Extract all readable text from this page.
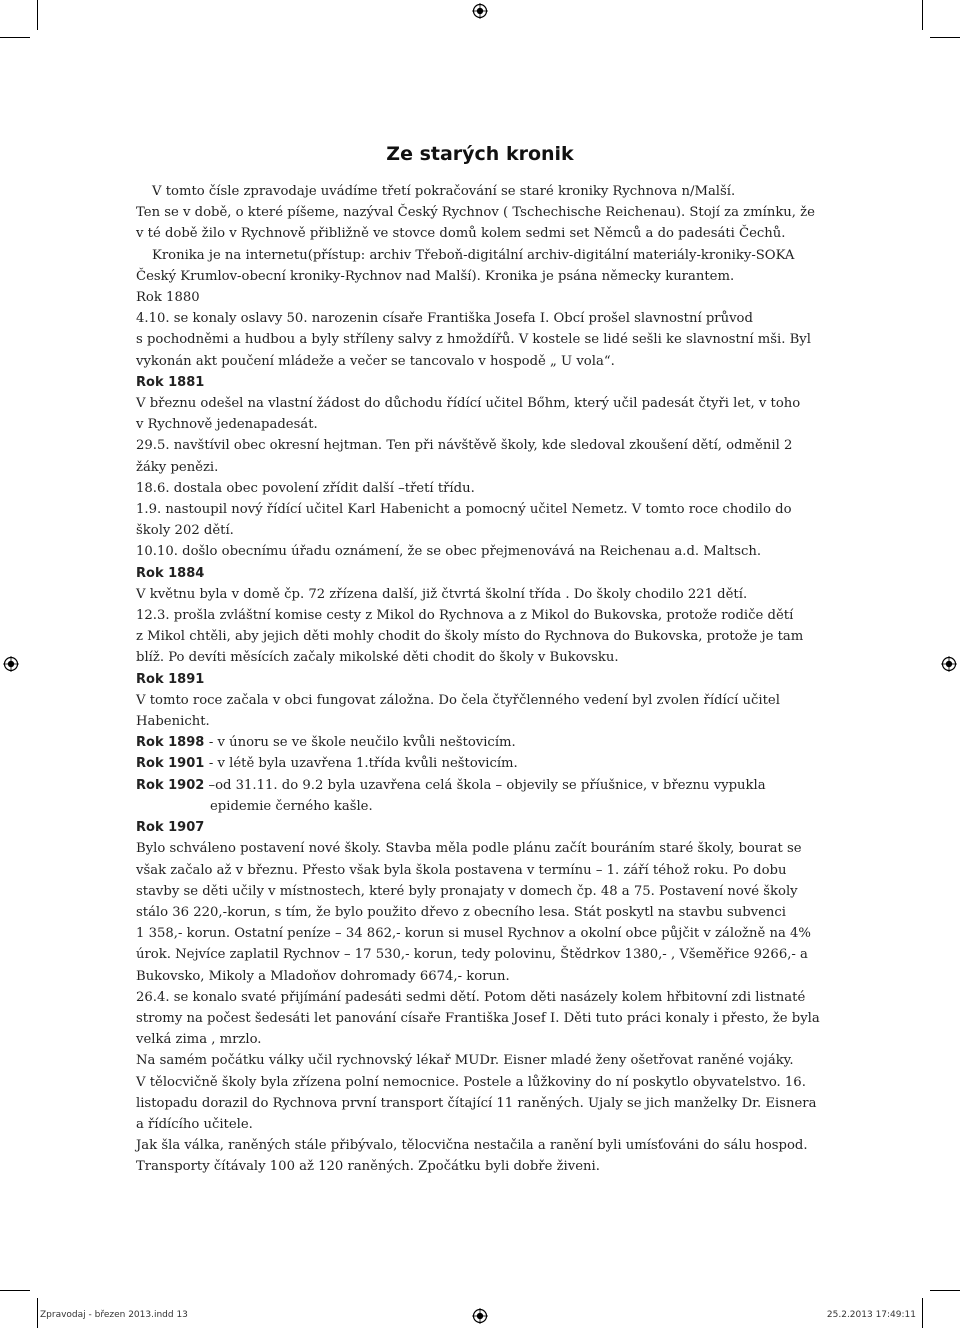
Ze starých kronik
V tomto čísle zpravodaje uvádíme třetí pokračování se staré kroniky Rychnova n/Malší.
Ten se v době, o které píšeme, nazýval Český Rychnov ( Tschechische Reichenau). Stojí za zmínku, že
v té době žilo v Rychnově přibližně ve stovce domů kolem sedmi set Němců a do padesáti Čechů.
Kronika je na internetu(přístup: archiv Třeboň-digitální archiv-digitální materiály-kroniky-SOKA
Český Krumlov-obecní kroniky-Rychnov nad Malší). Kronika je psána německy kurantem.
Rok 1880
4.10. se konaly oslavy 50. narozenin císaře Františka Josefa I. Obcí prošel slavnostní průvod
s pochodněmi a hudbou a byly stříleny salvy z hmoždířů. V kostele se lidé sešli ke slavnostní mši. Byl
vykonán akt poučení mládeže a večer se tancovalo v hospodě „ U vola“.
Rok 1881
V březnu odešel na vlastní žádost do důchodu řídící učitel Bőhm, který učil padesát čtyři let, v toho
v Rychnově jedenapadesát.
29.5. navštívil obec okresní hejtman. Ten při návštěvě školy, kde sledoval zkoušení dětí, odměnil 2
žáky penězi.
18.6. dostala obec povolení zřídit další –třetí třídu.
1.9. nastoupil nový řídící učitel Karl Habenicht a pomocný učitel Nemetz. V tomto roce chodilo do
školy 202 dětí.
10.10. došlo obecnímu úřadu oznámení, že se obec přejmenovává na Reichenau a.d. Maltsch.
Rok 1884
V květnu byla v domě čp. 72 zřízena další, již čtvrtá školní třída . Do školy chodilo 221 dětí.
12.3. prošla zvláštní komise cesty z Mikol do Rychnova a z Mikol do Bukovska, protože rodiče dětí
z Mikol chtěli, aby jejich děti mohly chodit do školy místo do Rychnova do Bukovska, protože je tam
blíž. Po devíti měsících začaly mikolské děti chodit do školy v Bukovsku.
Rok 1891
V tomto roce začala v obci fungovat záložna. Do čela čtyřčlenného vedení byl zvolen řídící učitel
Habenicht.
Rok 1898 - v únoru se ve škole neučilo kvůli neštovicím.
Rok 1901 - v létě byla uzavřena 1.třída kvůli neštovicím.
Rok 1902 –od 31.11. do 9.2 byla uzavřena celá škola – objevily se příušnice, v březnu vypukla
epidemie černého kašle.
Rok 1907
Bylo schváleno postavení nové školy. Stavba měla podle plánu začít bouráním staré školy, bourat se
však začalo až v březnu. Přesto však byla škola postavena v termínu – 1. září téhož roku. Po dobu
stavby se děti učily v místnostech, které byly pronajaty v domech čp. 48 a 75. Postavení nové školy
stálo 36 220,-korun, s tím, že bylo použito dřevo z obecního lesa. Stát poskytl na stavbu subvenci
1 358,- korun. Ostatní peníze – 34 862,- korun si musel Rychnov a okolní obce půjčit v záložně na 4%
úrok. Nejvíce zaplatil Rychnov – 17 530,- korun, tedy polovinu, Štědrkov 1380,- , Všeměřice 9266,- a
Bukovsko, Mikoly a Mladoňov dohromady 6674,- korun.
26.4. se konalo svaté přijímání padesáti sedmi dětí. Potom děti nasázely kolem hřbitovní zdi listnaté
stromy na počest šedesáti let panování císaře Františka Josef I. Děti tuto práci konaly i přesto, že byla
velká zima , mrzlo.
Na samém počátku války učil rychnovský lékař MUDr. Eisner mladé ženy ošetřovat raněné vojáky.
V tělocvičně školy byla zřízena polní nemocnice. Postele a lůžkoviny do ní poskytlo obyvatelstvo. 16.
listopadu dorazil do Rychnova první transport čítající 11 raněných. Ujaly se jich manželky Dr. Eisnera
a řídícího učitele.
Jak šla válka, raněných stále přibývalo, tělocvična nestačila a ranění byli umísťováni do sálu hospod.
Transporty čítávaly 100 až 120 raněných. Zpočátku byli dobře živeni.
Zpravodaj - březen 2013.indd 13	25.2.2013 17:49:11
